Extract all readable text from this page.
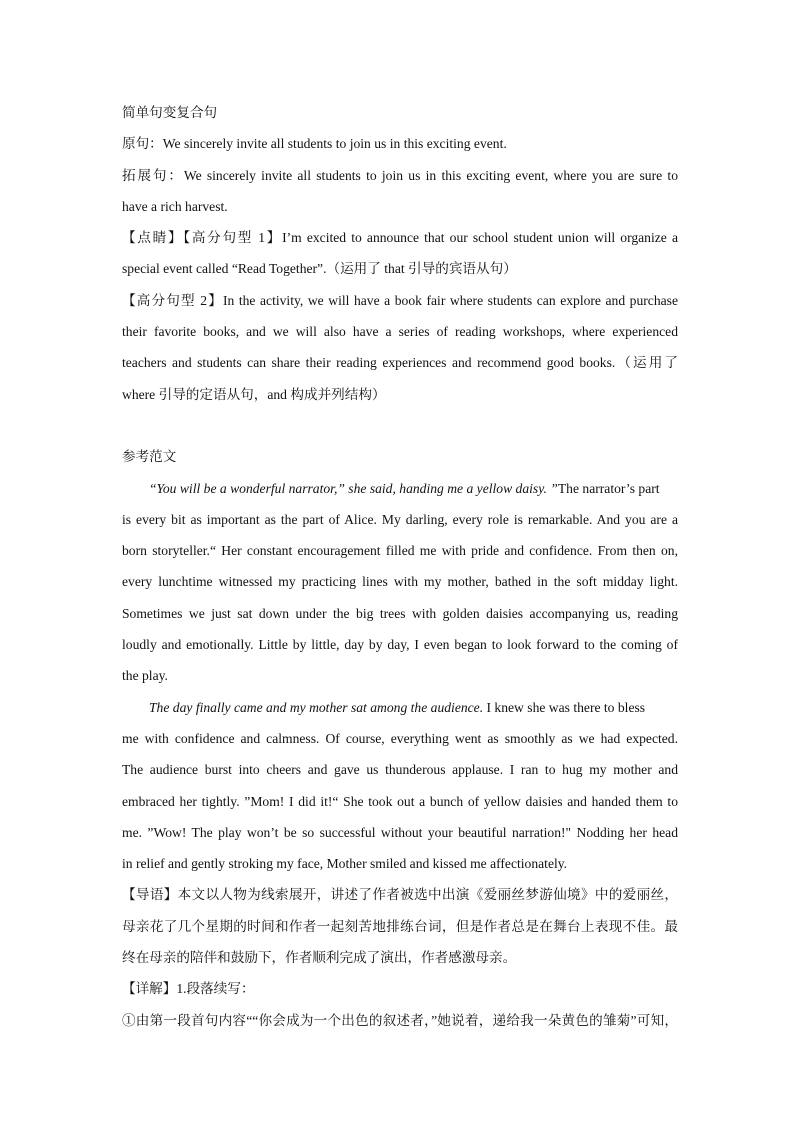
简单句变复合句
原句：We sincerely invite all students to join us in this exciting event.
拓展句：We sincerely invite all students to join us in this exciting event, where you are sure to
have a rich harvest.
【点睛】【高分句型 1】I’m excited to announce that our school student union will organize a
special event called “Read Together”.（运用了 that 引导的宾语从句）
【高分句型 2】In the activity, we will have a book fair where students can explore and purchase
their favorite books, and we will also have a series of reading workshops, where experienced
teachers and students can share their reading experiences and recommend good books.（运用了
where 引导的定语从句，and 构成并列结构）
参考范文
“You will be a wonderful narrator,” she said, handing me a yellow daisy. ”The narrator’s part
is every bit as important as the part of Alice. My darling, every role is remarkable. And you are a
born storyteller.“ Her constant encouragement filled me with pride and confidence. From then on,
every lunchtime witnessed my practicing lines with my mother, bathed in the soft midday light.
Sometimes we just sat down under the big trees with golden daisies accompanying us, reading
loudly and emotionally. Little by little, day by day, I even began to look forward to the coming of
the play.
The day finally came and my mother sat among the audience. I knew she was there to bless
me with confidence and calmness. Of course, everything went as smoothly as we had expected.
The audience burst into cheers and gave us thunderous applause. I ran to hug my mother and
embraced her tightly. ”Mom! I did it!“ She took out a bunch of yellow daisies and handed them to
me. ”Wow! The play won’t be so successful without your beautiful narration!" Nodding her head
in relief and gently stroking my face, Mother smiled and kissed me affectionately.
【导语】本文以人物为线索展开，讲述了作者被选中出演《爱丽丝梦游仙境》中的爱丽丝，
母亲花了几个星期的时间和作者一起刻苦地排练台词，但是作者总是在舞台上表现不佳。最
终在母亲的陪伴和鼓励下，作者顺利完成了演出，作者感激母亲。
【详解】1.段落续写：
①由第一段首句内容““你会成为一个出色的叙述者，”她说着，递给我一朵黄色的雏菊”可知，
